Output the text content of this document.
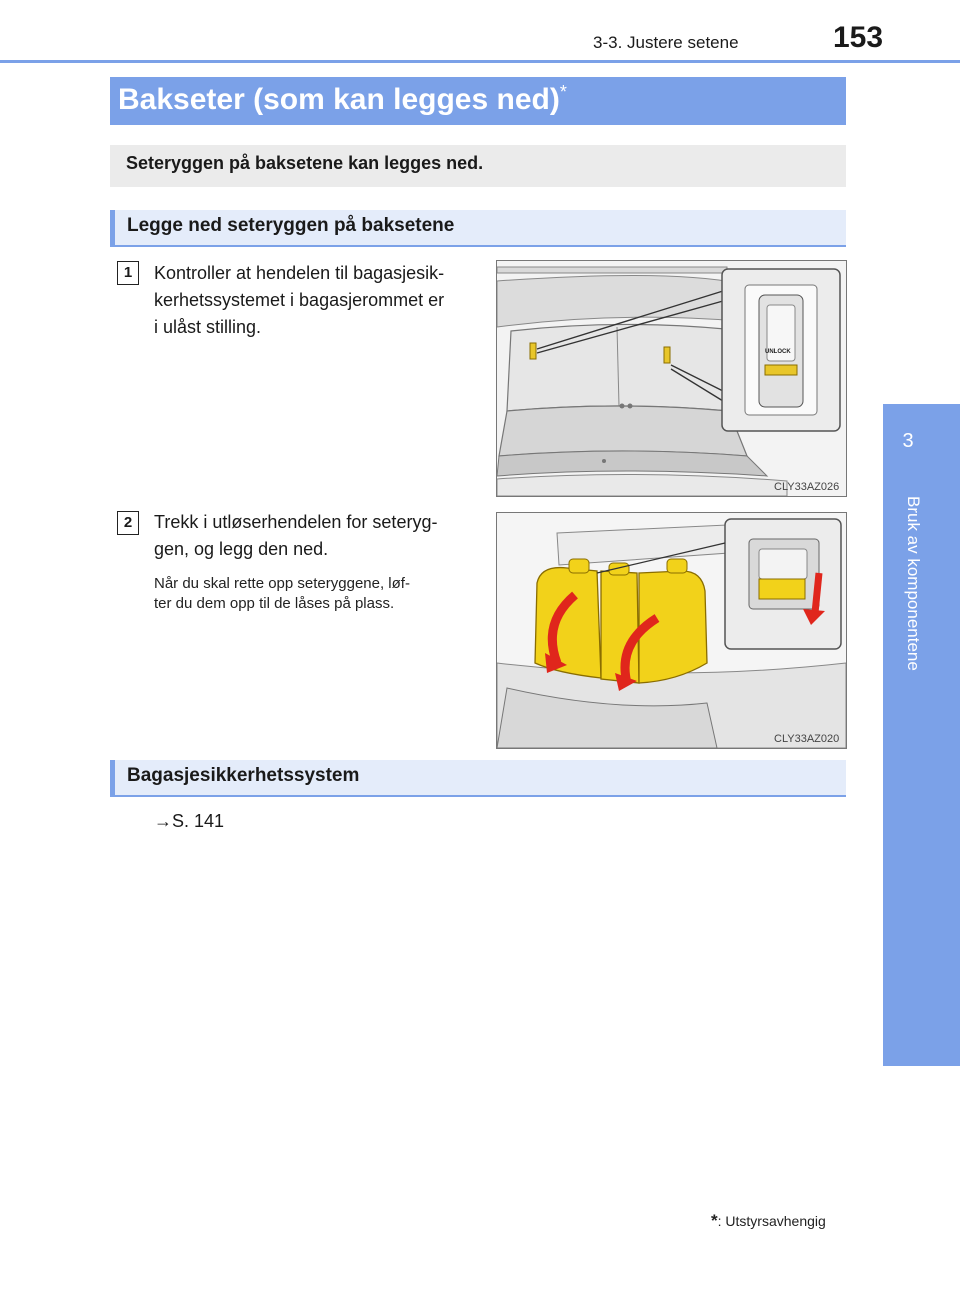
3-3. Justere setene	153
3
Bruk av komponentene
Bakseter (som kan legges ned)*
Seteryggen på baksetene kan legges ned.
Legge ned seteryggen på baksetene
1	Kontroller at hendelen til bagasjesik-
kerhetssystemet i bagasjerommet er
i ulåst stilling.
UNLOCK
CLY33AZ026
2	Trekk i utløserhendelen for seteryg-
gen, og legg den ned.
Når du skal rette opp seteryggene, løf-
ter du dem opp til de låses på plass.
CLY33AZ020
Bagasjesikkerhetssystem
→S. 141
*: Utstyrsavhengig
